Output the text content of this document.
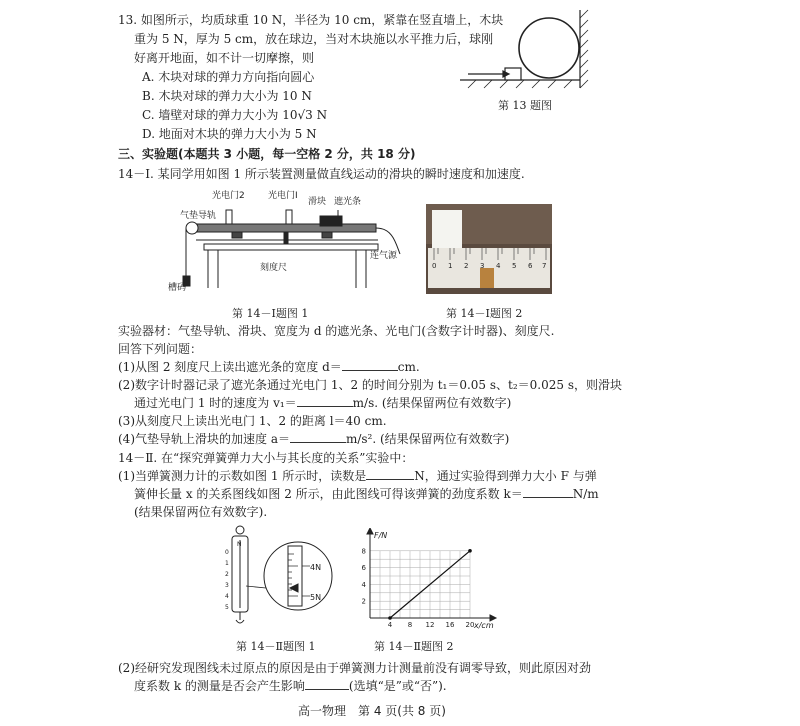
13. 如图所示，均质球重 10 N，半径为 10 cm，紧靠在竖直墙上，木块
重为 5 N，厚为 5 cm，放在球边，当对木块施以水平推力后，球刚
好离开地面，如不计一切摩擦，则
A. 木块对球的弹力方向指向圆心
B. 木块对球的弹力大小为 10 N
C. 墙壁对球的弹力大小为 10√3 N
D. 地面对木块的弹力大小为 5 N
第 13 题图
三、实验题(本题共 3 小题，每一空格 2 分，共 18 分)
14－Ⅰ. 某同学用如图 1 所示装置测量做直线运动的滑块的瞬时速度和加速度.
光电门2	光电门Ⅰ
滑块 遮光条
气垫导轨
刻度尺
连气源
槽码
第 14－Ⅰ题图 1
0 1 2 3 4 5 6 7
第 14－Ⅰ题图 2
实验器材：气垫导轨、滑块、宽度为 d 的遮光条、光电门(含数字计时器)、刻度尺.
回答下列问题：
(1)从图 2 刻度尺上读出遮光条的宽度 d＝	cm.
(2)数字计时器记录了遮光条通过光电门 1、2 的时间分别为 t₁＝0.05 s、t₂＝0.025 s，则滑块
通过光电门 1 时的速度为 v₁＝	m/s. (结果保留两位有效数字)
(3)从刻度尺上读出光电门 1、2 的距离 l＝40 cm.
(4)气垫导轨上滑块的加速度 a＝	m/s². (结果保留两位有效数字)
14－Ⅱ. 在“探究弹簧弹力大小与其长度的关系”实验中：
(1)当弹簧测力计的示数如图 1 所示时，读数是	N，通过实验得到弹力大小 F 与弹
簧伸长量 x 的关系图线如图 2 所示，由此图线可得该弹簧的劲度系数 k＝	N/m
(结果保留两位有效数字).
N
0
1
2
3
4
5
4N
5N
第 14－Ⅱ题图 1
4 8 12 16 20
2
4
6
8
F/N
x/cm
第 14－Ⅱ题图 2
(2)经研究发现图线未过原点的原因是由于弹簧测力计测量前没有调零导致，则此原因对劲
度系数 k 的测量是否会产生影响	(选填“是”或“否”).
高一物理　第 4 页(共 8 页)
